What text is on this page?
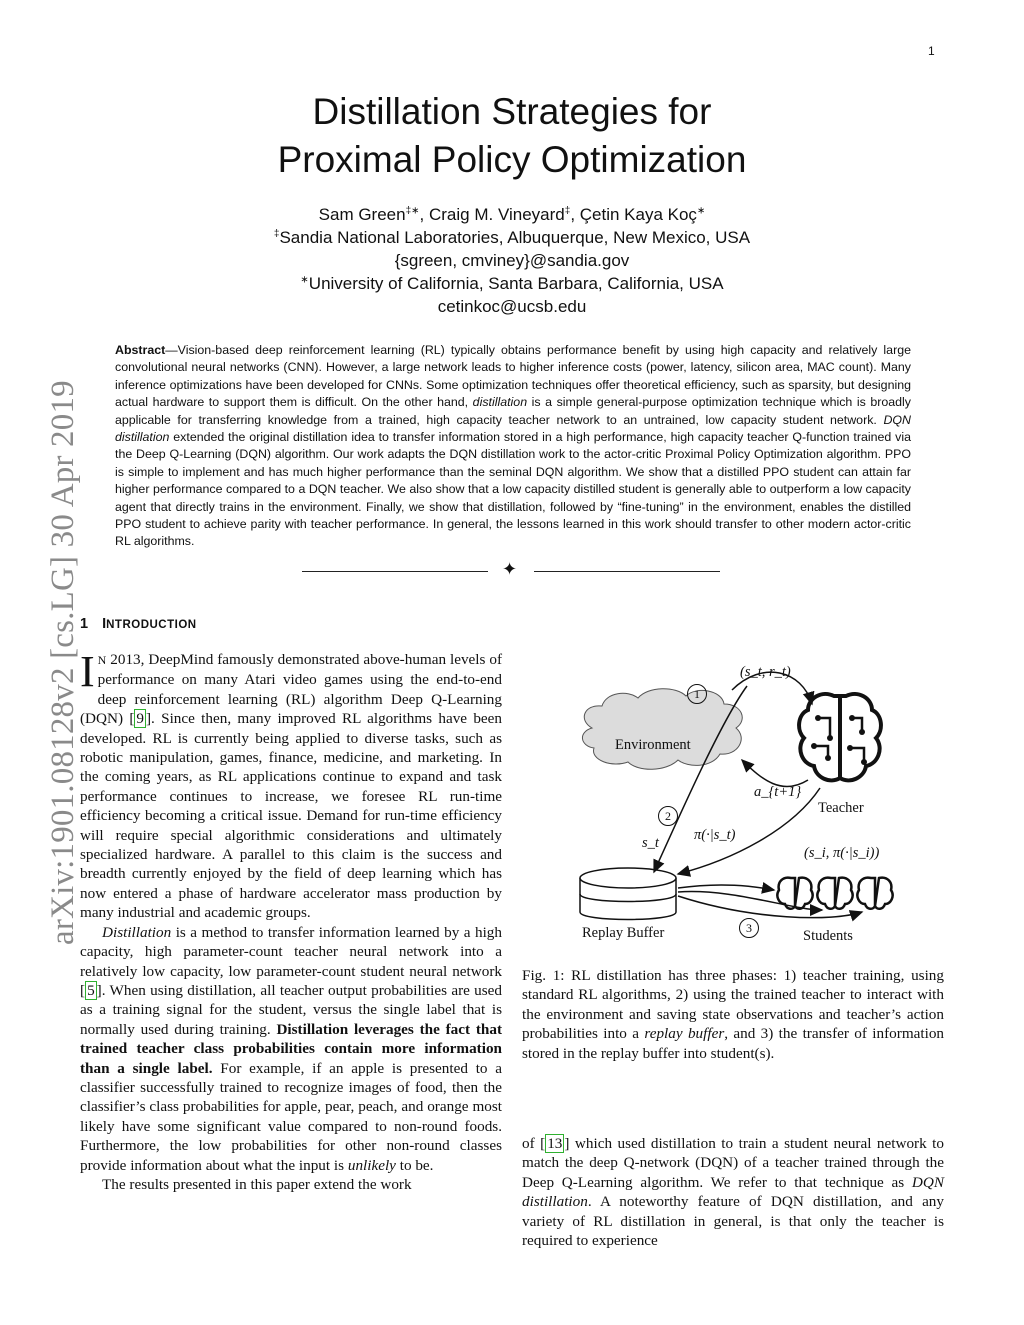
1
arXiv:1901.08128v2 [cs.LG] 30 Apr 2019
Distillation Strategies for
Proximal Policy Optimization
Sam Green‡∗, Craig M. Vineyard‡, Çetin Kaya Koç∗
‡Sandia National Laboratories, Albuquerque, New Mexico, USA
{sgreen, cmviney}@sandia.gov
∗University of California, Santa Barbara, California, USA
cetinkoc@ucsb.edu
Abstract—Vision-based deep reinforcement learning (RL) typically obtains performance benefit by using high capacity and relatively large convolutional neural networks (CNN). However, a large network leads to higher inference costs (power, latency, silicon area, MAC count). Many inference optimizations have been developed for CNNs. Some optimization techniques offer theoretical efficiency, such as sparsity, but designing actual hardware to support them is difficult. On the other hand, distillation is a simple general-purpose optimization technique which is broadly applicable for transferring knowledge from a trained, high capacity teacher network to an untrained, low capacity student network. DQN distillation extended the original distillation idea to transfer information stored in a high performance, high capacity teacher Q-function trained via the Deep Q-Learning (DQN) algorithm. Our work adapts the DQN distillation work to the actor-critic Proximal Policy Optimization algorithm. PPO is simple to implement and has much higher performance than the seminal DQN algorithm. We show that a distilled PPO student can attain far higher performance compared to a DQN teacher. We also show that a low capacity distilled student is generally able to outperform a low capacity agent that directly trains in the environment. Finally, we show that distillation, followed by “fine-tuning” in the environment, enables the distilled PPO student to achieve parity with teacher performance. In general, the lessons learned in this work should transfer to other modern actor-critic RL algorithms.
✦
1 INTRODUCTION

I N 2013, DeepMind famously demonstrated above-human levels of performance on many Atari video games using the end-to-end deep reinforcement learning (RL) algorithm Deep Q-Learning (DQN) [ 9 ]. Since then, many improved RL algorithms have been developed. RL is currently being applied to diverse tasks, such as robotic manipulation, games, finance, medicine, and marketing. In the coming years, as RL applications continue to expand and task performance continues to increase, we foresee RL run-time efficiency becoming a critical issue. Demand for run-time efficiency will require special algorithmic considerations and ultimately specialized hardware. A parallel to this claim is the success and breadth currently enjoyed by the field of deep learning which has now entered a phase of hardware accelerator mass production by many industrial and academic groups.

Distillation is a method to transfer information learned by a high capacity, high parameter-count teacher neural network into a relatively low capacity, low parameter-count student neural network [ 5 ]. When using distillation, all teacher output probabilities are used as a training signal for the student, versus the single label that is normally used during training. Distillation leverages the fact that trained teacher class probabilities contain more information than a single label. For example, if an apple is presented to a classifier successfully trained to recognize images of food, then the classifier’s class probabilities for apple, pear, peach, and orange most likely have some significant value compared to non-round foods. Furthermore, the low probabilities for other non-round classes provide information about what the input is unlikely to be.

The results presented in this paper extend the work

Environment
Teacher
Replay Buffer	Students
(s_t, r_t)
a_{t+1}
s_t π(·|s_t)
(s_i, π(·|s_i))
1
2
3
Fig. 1: RL distillation has three phases: 1) teacher training, using standard RL algorithms, 2) using the trained teacher to interact with the environment and saving state observations and teacher’s action probabilities into a replay buffer, and 3) the transfer of information stored in the replay buffer into student(s).
of [ 13 ] which used distillation to train a student neural network to match the deep Q-network (DQN) of a teacher trained through the Deep Q-Learning algorithm. We refer to that technique as DQN distillation. A noteworthy feature of DQN distillation, and any variety of RL distillation in general, is that only the teacher is required to experience
